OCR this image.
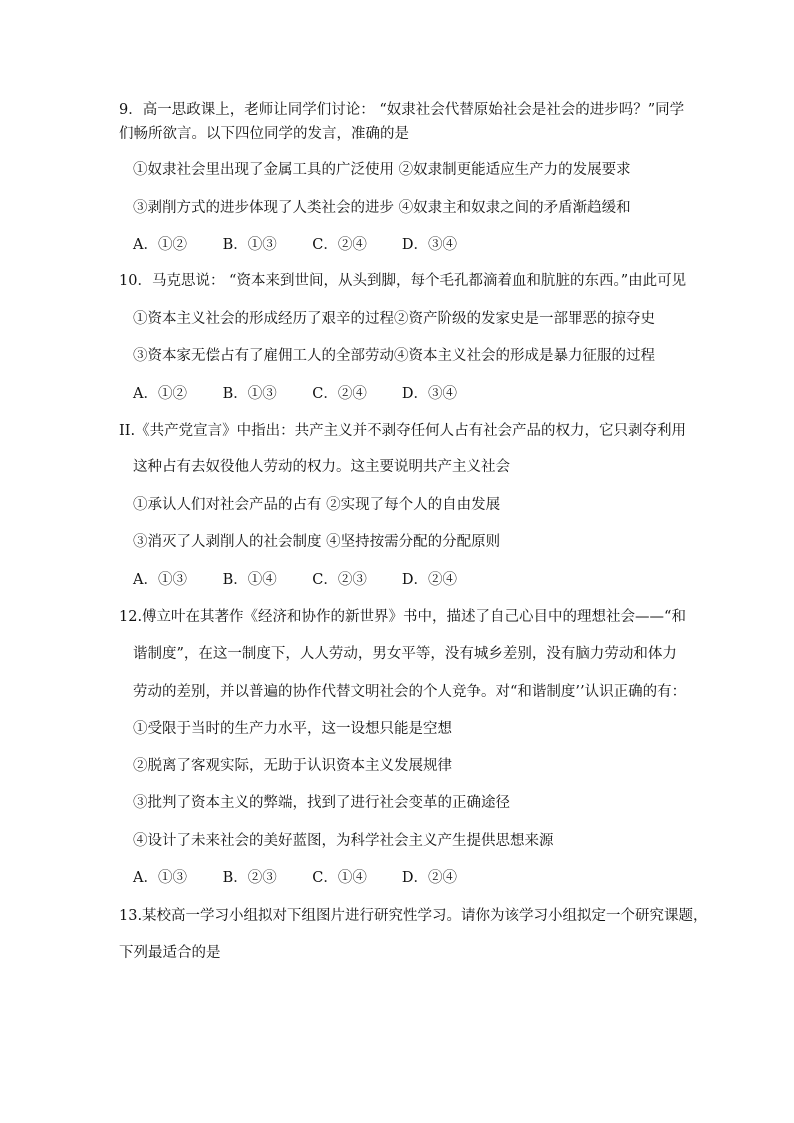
9．高一思政课上，老师让同学们讨论： “奴隶社会代替原始社会是社会的进步吗？”同学
们畅所欲言。以下四位同学的发言，准确的是
①奴隶社会里出现了金属工具的广泛使用 ②奴隶制更能适应生产力的发展要求
③剥削方式的进步体现了人类社会的进步 ④奴隶主和奴隶之间的矛盾渐趋缓和
A．①② B．①③ C．②④ D．③④
10．马克思说： “资本来到世间，从头到脚，每个毛孔都滴着血和肮脏的东西。”由此可见
①资本主义社会的形成经历了艰辛的过程②资产阶级的发家史是一部罪恶的掠夺史
③资本家无偿占有了雇佣工人的全部劳动④资本主义社会的形成是暴力征服的过程
A．①② B．①③ C．②④ D．③④
II.《共产党宣言》中指出：共产主义并不剥夺任何人占有社会产品的权力，它只剥夺利用
这种占有去奴役他人劳动的权力。这主要说明共产主义社会
①承认人们对社会产品的占有 ②实现了每个人的自由发展
③消灭了人剥削人的社会制度 ④坚持按需分配的分配原则
A．①③ B．①④ C．②③ D．②④
12.傅立叶在其著作《经济和协作的新世界》书中，描述了自己心目中的理想社会——“和
谐制度”，在这一制度下，人人劳动，男女平等，没有城乡差别，没有脑力劳动和体力
劳动的差别，并以普遍的协作代替文明社会的个人竞争。对“和谐制度’’认识正确的有：
①受限于当时的生产力水平，这一设想只能是空想
②脱离了客观实际，无助于认识资本主义发展规律
③批判了资本主义的弊端，找到了进行社会变革的正确途径
④设计了未来社会的美好蓝图，为科学社会主义产生提供思想来源
A．①③ B．②③ C．①④ D．②④
13.某校高一学习小组拟对下组图片进行研究性学习。请你为该学习小组拟定一个研究课题，
下列最适合的是
